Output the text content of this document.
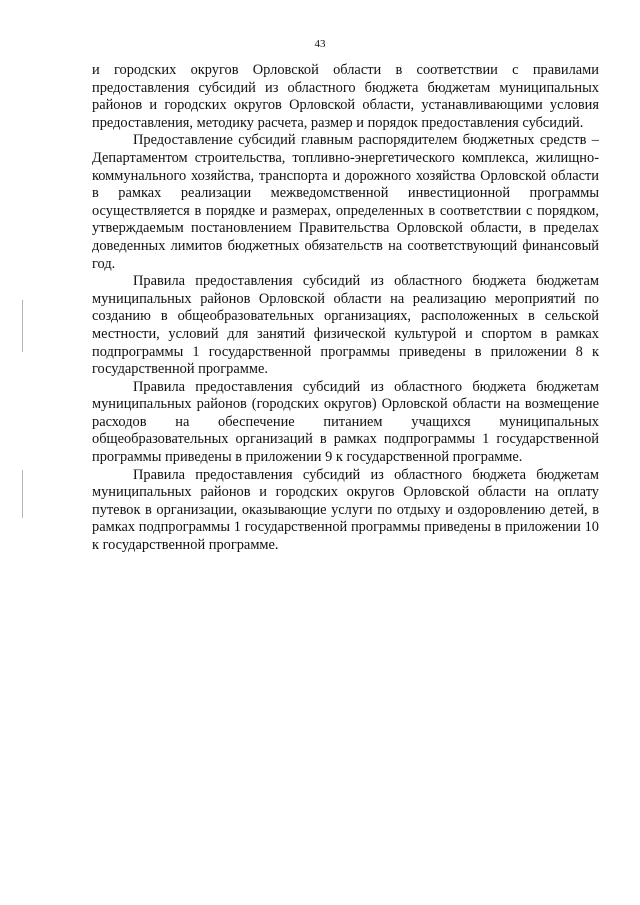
43

и городских округов Орловской области в соответствии с правилами предоставления субсидий из областного бюджета бюджетам муниципальных районов и городских округов Орловской области, устанавливающими условия предоставления, методику расчета, размер и порядок предоставления субсидий.

Предоставление субсидий главным распорядителем бюджетных средств – Департаментом строительства, топливно-энергетического комплекса, жилищно-коммунального хозяйства, транспорта и дорожного хозяйства Орловской области в рамках реализации межведомственной инвестиционной программы осуществляется в порядке и размерах, определенных в соответствии с порядком, утверждаемым постановлением Правительства Орловской области, в пределах доведенных лимитов бюджетных обязательств на соответствующий финансовый год.

Правила предоставления субсидий из областного бюджета бюджетам муниципальных районов Орловской области на реализацию мероприятий по созданию в общеобразовательных организациях, расположенных в сельской местности, условий для занятий физической культурой и спортом в рамках подпрограммы 1 государственной программы приведены в приложении 8 к государственной программе.

Правила предоставления субсидий из областного бюджета бюджетам муниципальных районов (городских округов) Орловской области на возмещение расходов на обеспечение питанием учащихся муниципальных общеобразовательных организаций в рамках подпрограммы 1 государственной программы приведены в приложении 9 к государственной программе.

Правила предоставления субсидий из областного бюджета бюджетам муниципальных районов и городских округов Орловской области на оплату путевок в организации, оказывающие услуги по отдыху и оздоровлению детей, в рамках подпрограммы 1 государственной программы приведены в приложении 10 к государственной программе.
